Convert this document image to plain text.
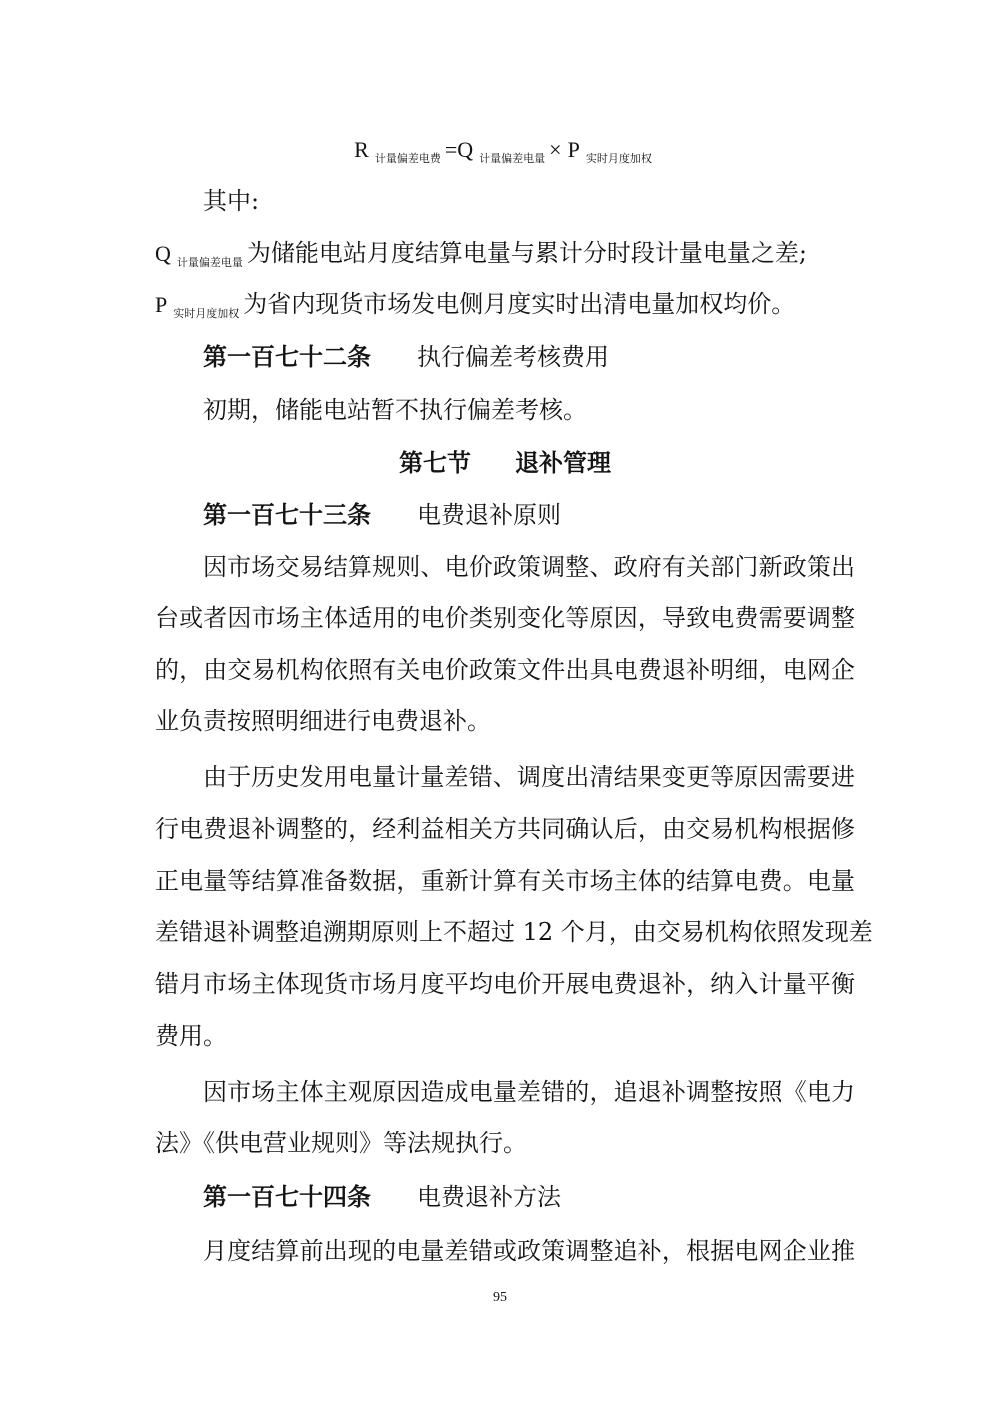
R $_{计量偏差电费}$ =Q $_{计量偏差电量}$ × P $_{实时月度加权}$
其中:
Q $_{计量偏差电量}$ 为储能电站月度结算电量与累计分时段计量电量之差;
P $_{实时月度加权}$ 为省内现货市场发电侧月度实时出清电量加权均价。
第一百七十二条 执行偏差考核费用
初期，储能电站暂不执行偏差考核。
第七节 退补管理
第一百七十三条 电费退补原则
因市场交易结算规则、电价政策调整、政府有关部门新政策出
台或者因市场主体适用的电价类别变化等原因，导致电费需要调整
的，由交易机构依照有关电价政策文件出具电费退补明细，电网企
业负责按照明细进行电费退补。
由于历史发用电量计量差错、调度出清结果变更等原因需要进
行电费退补调整的，经利益相关方共同确认后，由交易机构根据修
正电量等结算准备数据，重新计算有关市场主体的结算电费。电量
差错退补调整追溯期原则上不超过 12 个月，由交易机构依照发现差
错月市场主体现货市场月度平均电价开展电费退补，纳入计量平衡
费用。
因市场主体主观原因造成电量差错的，追退补调整按照《电力
法》《供电营业规则》等法规执行。
第一百七十四条 电费退补方法
月度结算前出现的电量差错或政策调整追补，根据电网企业推
95
